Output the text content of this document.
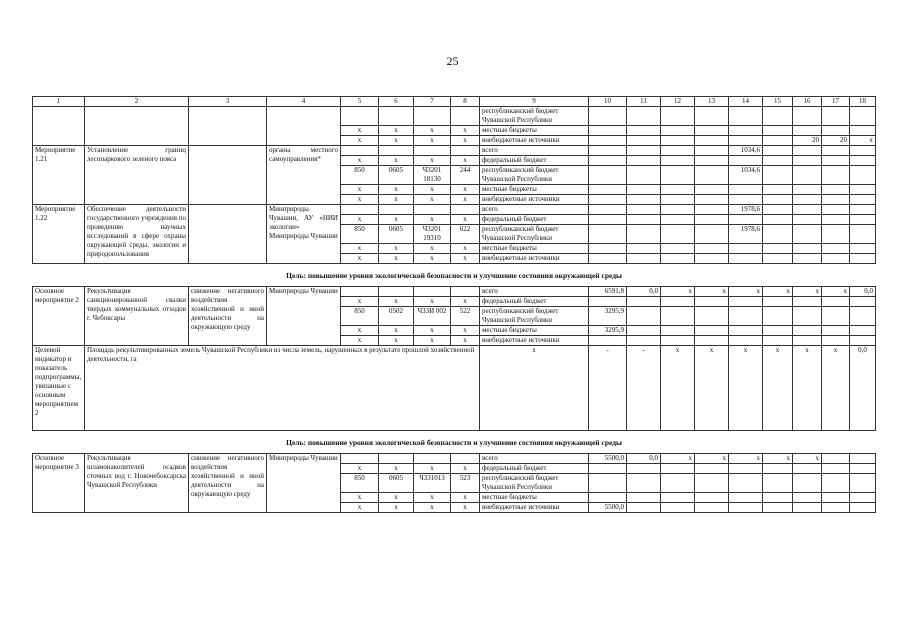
25
1	2	3	4	5	6	7	8	9	10	11	12	13	14	15	16	17	18
								республиканский бюджет Чувашской Республики									
				х	х	х	х	местные бюджеты									
				х	х	х	х	внебюджетные источники							20	20	х
Мероприятие 1.21	Установление границ лесопаркового зеленого пояса		органы местного самоуправления*					всего					1034,6				
				х	х	х	х	федеральный бюджет									
				850	0605	Ч3201 18130	244	республиканский бюджет Чувашской Республики					1034,6				
				х	х	х	х	местные бюджеты									
				х	х	х	х	внебюджетные источники									
Мероприятие 1.22	Обеспечение деятельности государственного учреждения по проведению научных исследований в сфере охраны окружающей среды, экологии и природопользования		Минприроды Чувашии, АУ «НИИ экологии» Минприроды Чувашии					всего					1978,6				
				х	х	х	х	федеральный бюджет									
				850	0605	Ч3201 19310	622	республиканский бюджет Чувашской Республики					1978,6				
				х	х	х	х	местные бюджеты									
				х	х	х	х	внебюджетные источники									
Цель: повышение уровня экологической безопасности и улучшение состояния окружающей среды																	
Основное мероприятие 2	Рекультивация санкционированной свалки твердых коммунальных отходов г. Чебоксары	снижение негативного воздействия хозяйственной и иной деятельности на окружающую среду	Минприроды Чувашии					всего	6591,8	0,0	х	х	х	х	х	х	0,0
				х	х	х	х	федеральный бюджет									
				850	0502	Ч33И 002	522	республиканский бюджет Чувашской Республики	3295,9								
				х	х	х	х	местные бюджеты	3295,9								
				х	х	х	х	внебюджетные источники									
Целевой индикатор и показатель подпрограммы, увязанные с основным мероприятием 2	Площадь рекультивированных земель Чувашской Республики из числа земель, нарушенных в результате прошлой хозяйственной деятельности, га							х	-	-	х	х	х	х	х	х	0,0
Цель: повышение уровня экологической безопасности и улучшение состояния окружающей среды																	
Основное мероприятие 3	Рекультивация шламонакопителей осадков сточных вод г. Новочебоксарска Чувашской Республики	снижение негативного воздействия хозяйственной и иной деятельности на окружающую среду	Минприроды Чувашии					всего	5500,0	0,0	х	х	х	х	х		
				х	х	х	х	федеральный бюджет									
				850	0605	Ч331013	523	республиканский бюджет Чувашской Республики									
				х	х	х	х	местные бюджеты									
				х	х	х	х	внебюджетные источники	5500,0								
